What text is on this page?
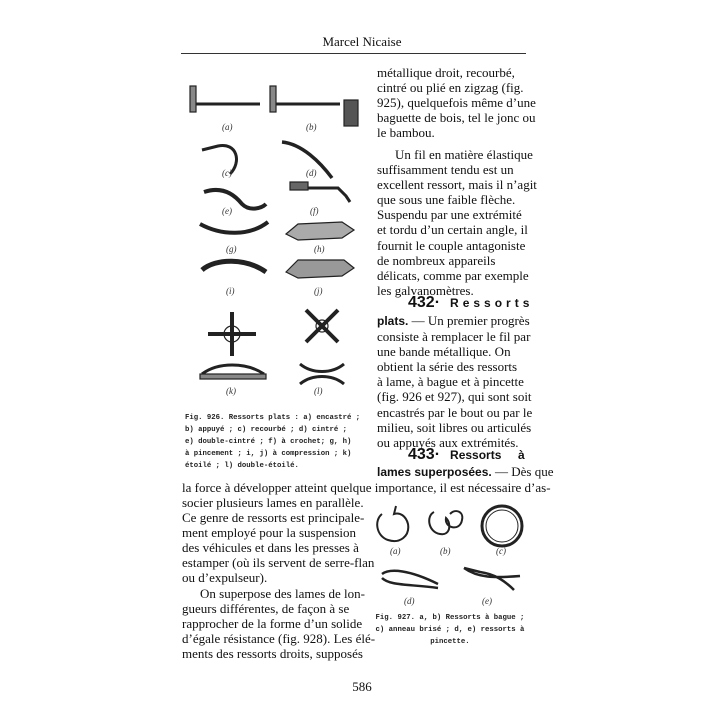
Marcel Nicaise
(a)	(b)
(c)	(d)
(e)	(f)
(g)	(h)
(i)	(j)
(k)	(l)
Fig. 926. Ressorts plats : a) encastré ;
b) appuyé ; c) recourbé ; d) cintré ;
e) double-cintré ; f) à crochet; g, h)
à pincement ; i, j) à compression ; k)
étoilé ; l) double-étoilé.
métallique droit, recourbé,
cintré ou plié en zigzag (fig.
925), quelquefois même d’une
baguette de bois, tel le jonc ou
le bambou.
Un fil en matière élastique
suffisamment tendu est un
excellent ressort, mais il n’agit
que sous une faible flèche.
Suspendu par une extrémité
et tordu d’un certain angle, il
fournit le couple antagoniste
de nombreux appareils
délicats, comme par exemple
les galvanomètres.
432· Ressorts
plats. — Un premier progrès
consiste à remplacer le fil par
une bande métallique. On
obtient la série des ressorts
à lame, à bague et à pincette
(fig. 926 et 927), qui sont soit
encastrés par le bout ou par le
milieu, soit libres ou articulés
ou appuyés aux extrémités.
433· Ressorts à
lames superposées. — Dès que
la force à développer atteint quelque importance, il est nécessaire d’as-
socier plusieurs lames en parallèle.
Ce genre de ressorts est principale-
ment employé pour la suspension
des véhicules et dans les presses à
estamper (où ils servent de serre-flan
ou d’expulseur).
On superpose des lames de lon-
gueurs différentes, de façon à se
rapprocher de la forme d’un solide
d’égale résistance (fig. 928). Les élé-
ments des ressorts droits, supposés
(a)	(b)	(c)
(d)	(e)
Fig. 927. a, b) Ressorts à bague ;
c) anneau brisé ; d, e) ressorts à
pincette.
586
